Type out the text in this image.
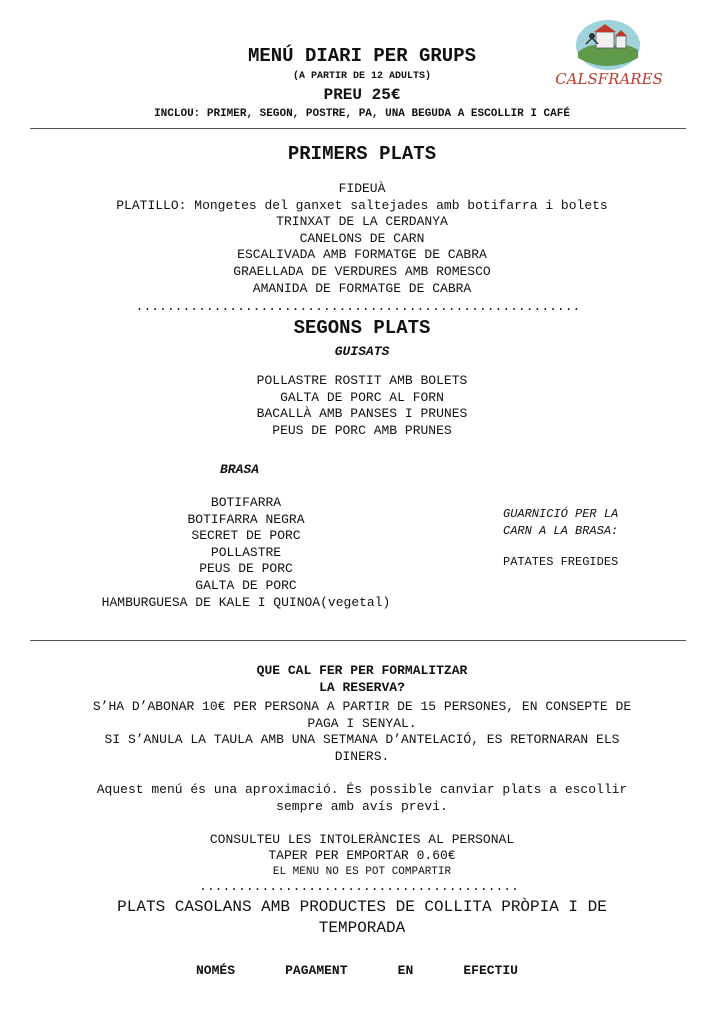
MENÚ DIARI PER GRUPS
(A PARTIR DE 12 ADULTS)
PREU 25€
INCLOU: PRIMER, SEGON, POSTRE, PA, UNA BEGUDA A ESCOLLIR I CAFÉ
CALSFRARES
PRIMERS PLATS
FIDEUÀ
PLATILLO: Mongetes del ganxet saltejades amb botifarra i bolets
TRINXAT DE LA CERDANYA
CANELONS DE CARN
ESCALIVADA AMB FORMATGE DE CABRA
GRAELLADA DE VERDURES AMB ROMESCO
AMANIDA DE FORMATGE DE CABRA
.........................................................
SEGONS PLATS
GUISATS
POLLASTRE ROSTIT AMB BOLETS
GALTA DE PORC AL FORN
BACALLÀ AMB PANSES I PRUNES
PEUS DE PORC AMB PRUNES
BRASA
BOTIFARRA
BOTIFARRA NEGRA
SECRET DE PORC
POLLASTRE
PEUS DE PORC
GALTA DE PORC
HAMBURGUESA DE KALE I QUINOA(vegetal)
GUARNICIÓ PER LA
CARN A LA BRASA:
PATATES FREGIDES
QUE CAL FER PER FORMALITZAR
LA RESERVA?
S’HA D’ABONAR 10€ PER PERSONA A PARTIR DE 15 PERSONES, EN CONSEPTE DE
PAGA I SENYAL.
SI S’ANULA LA TAULA AMB UNA SETMANA D’ANTELACIÓ, ES RETORNARAN ELS
DINERS.
Aquest menú és una aproximació. És possible canviar plats a escollir
sempre amb avís previ.
CONSULTEU LES INTOLERÀNCIES AL PERSONAL
TAPER PER EMPORTAR 0.60€
EL MENU NO ES POT COMPARTIR
.........................................
PLATS CASOLANS AMB PRODUCTES DE COLLITA PRÒPIA I DE
TEMPORADA
NOMÉS	PAGAMENT	EN	EFECTIU
